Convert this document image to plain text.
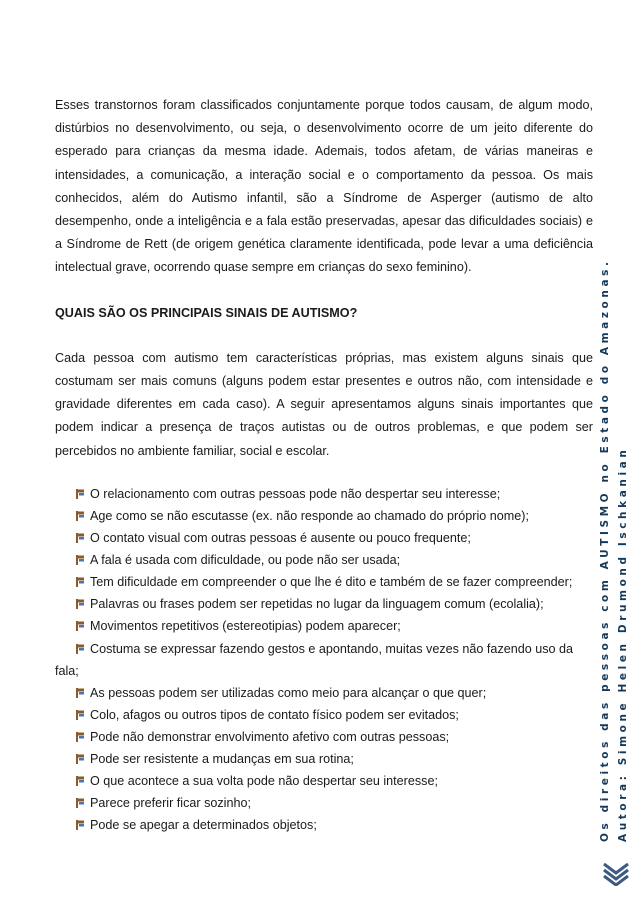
Esses transtornos foram classificados conjuntamente porque todos causam, de algum modo, distúrbios no desenvolvimento, ou seja, o desenvolvimento ocorre de um jeito diferente do esperado para crianças da mesma idade. Ademais, todos afetam, de várias maneiras e intensidades, a comunicação, a interação social e o comportamento da pessoa. Os mais conhecidos, além do Autismo infantil, são a Síndrome de Asperger (autismo de alto desempenho, onde a inteligência e a fala estão preservadas, apesar das dificuldades sociais) e a Síndrome de Rett (de origem genética claramente identificada, pode levar a uma deficiência intelectual grave, ocorrendo quase sempre em crianças do sexo feminino).

QUAIS SÃO OS PRINCIPAIS SINAIS DE AUTISMO?

Cada pessoa com autismo tem características próprias, mas existem alguns sinais que costumam ser mais comuns (alguns podem estar presentes e outros não, com intensidade e gravidade diferentes em cada caso). A seguir apresentamos alguns sinais importantes que podem indicar a presença de traços autistas ou de outros problemas, e que podem ser percebidos no ambiente familiar, social e escolar.

O relacionamento com outras pessoas pode não despertar seu interesse;
Age como se não escutasse (ex. não responde ao chamado do próprio nome);
O contato visual com outras pessoas é ausente ou pouco frequente;
A fala é usada com dificuldade, ou pode não ser usada;
Tem dificuldade em compreender o que lhe é dito e também de se fazer compreender;
Palavras ou frases podem ser repetidas no lugar da linguagem comum (ecolalia);
Movimentos repetitivos (estereotipias) podem aparecer;
Costuma se expressar fazendo gestos e apontando, muitas vezes não fazendo uso da
fala;
As pessoas podem ser utilizadas como meio para alcançar o que quer;
Colo, afagos ou outros tipos de contato físico podem ser evitados;
Pode não demonstrar envolvimento afetivo com outras pessoas;
Pode ser resistente a mudanças em sua rotina;
O que acontece a sua volta pode não despertar seu interesse;
Parece preferir ficar sozinho;
Pode se apegar a determinados objetos;	Os direitos das pessoas com AUTISMO no Estado do Amazonas. Autora: Simone Helen Drumond Ischkanian
